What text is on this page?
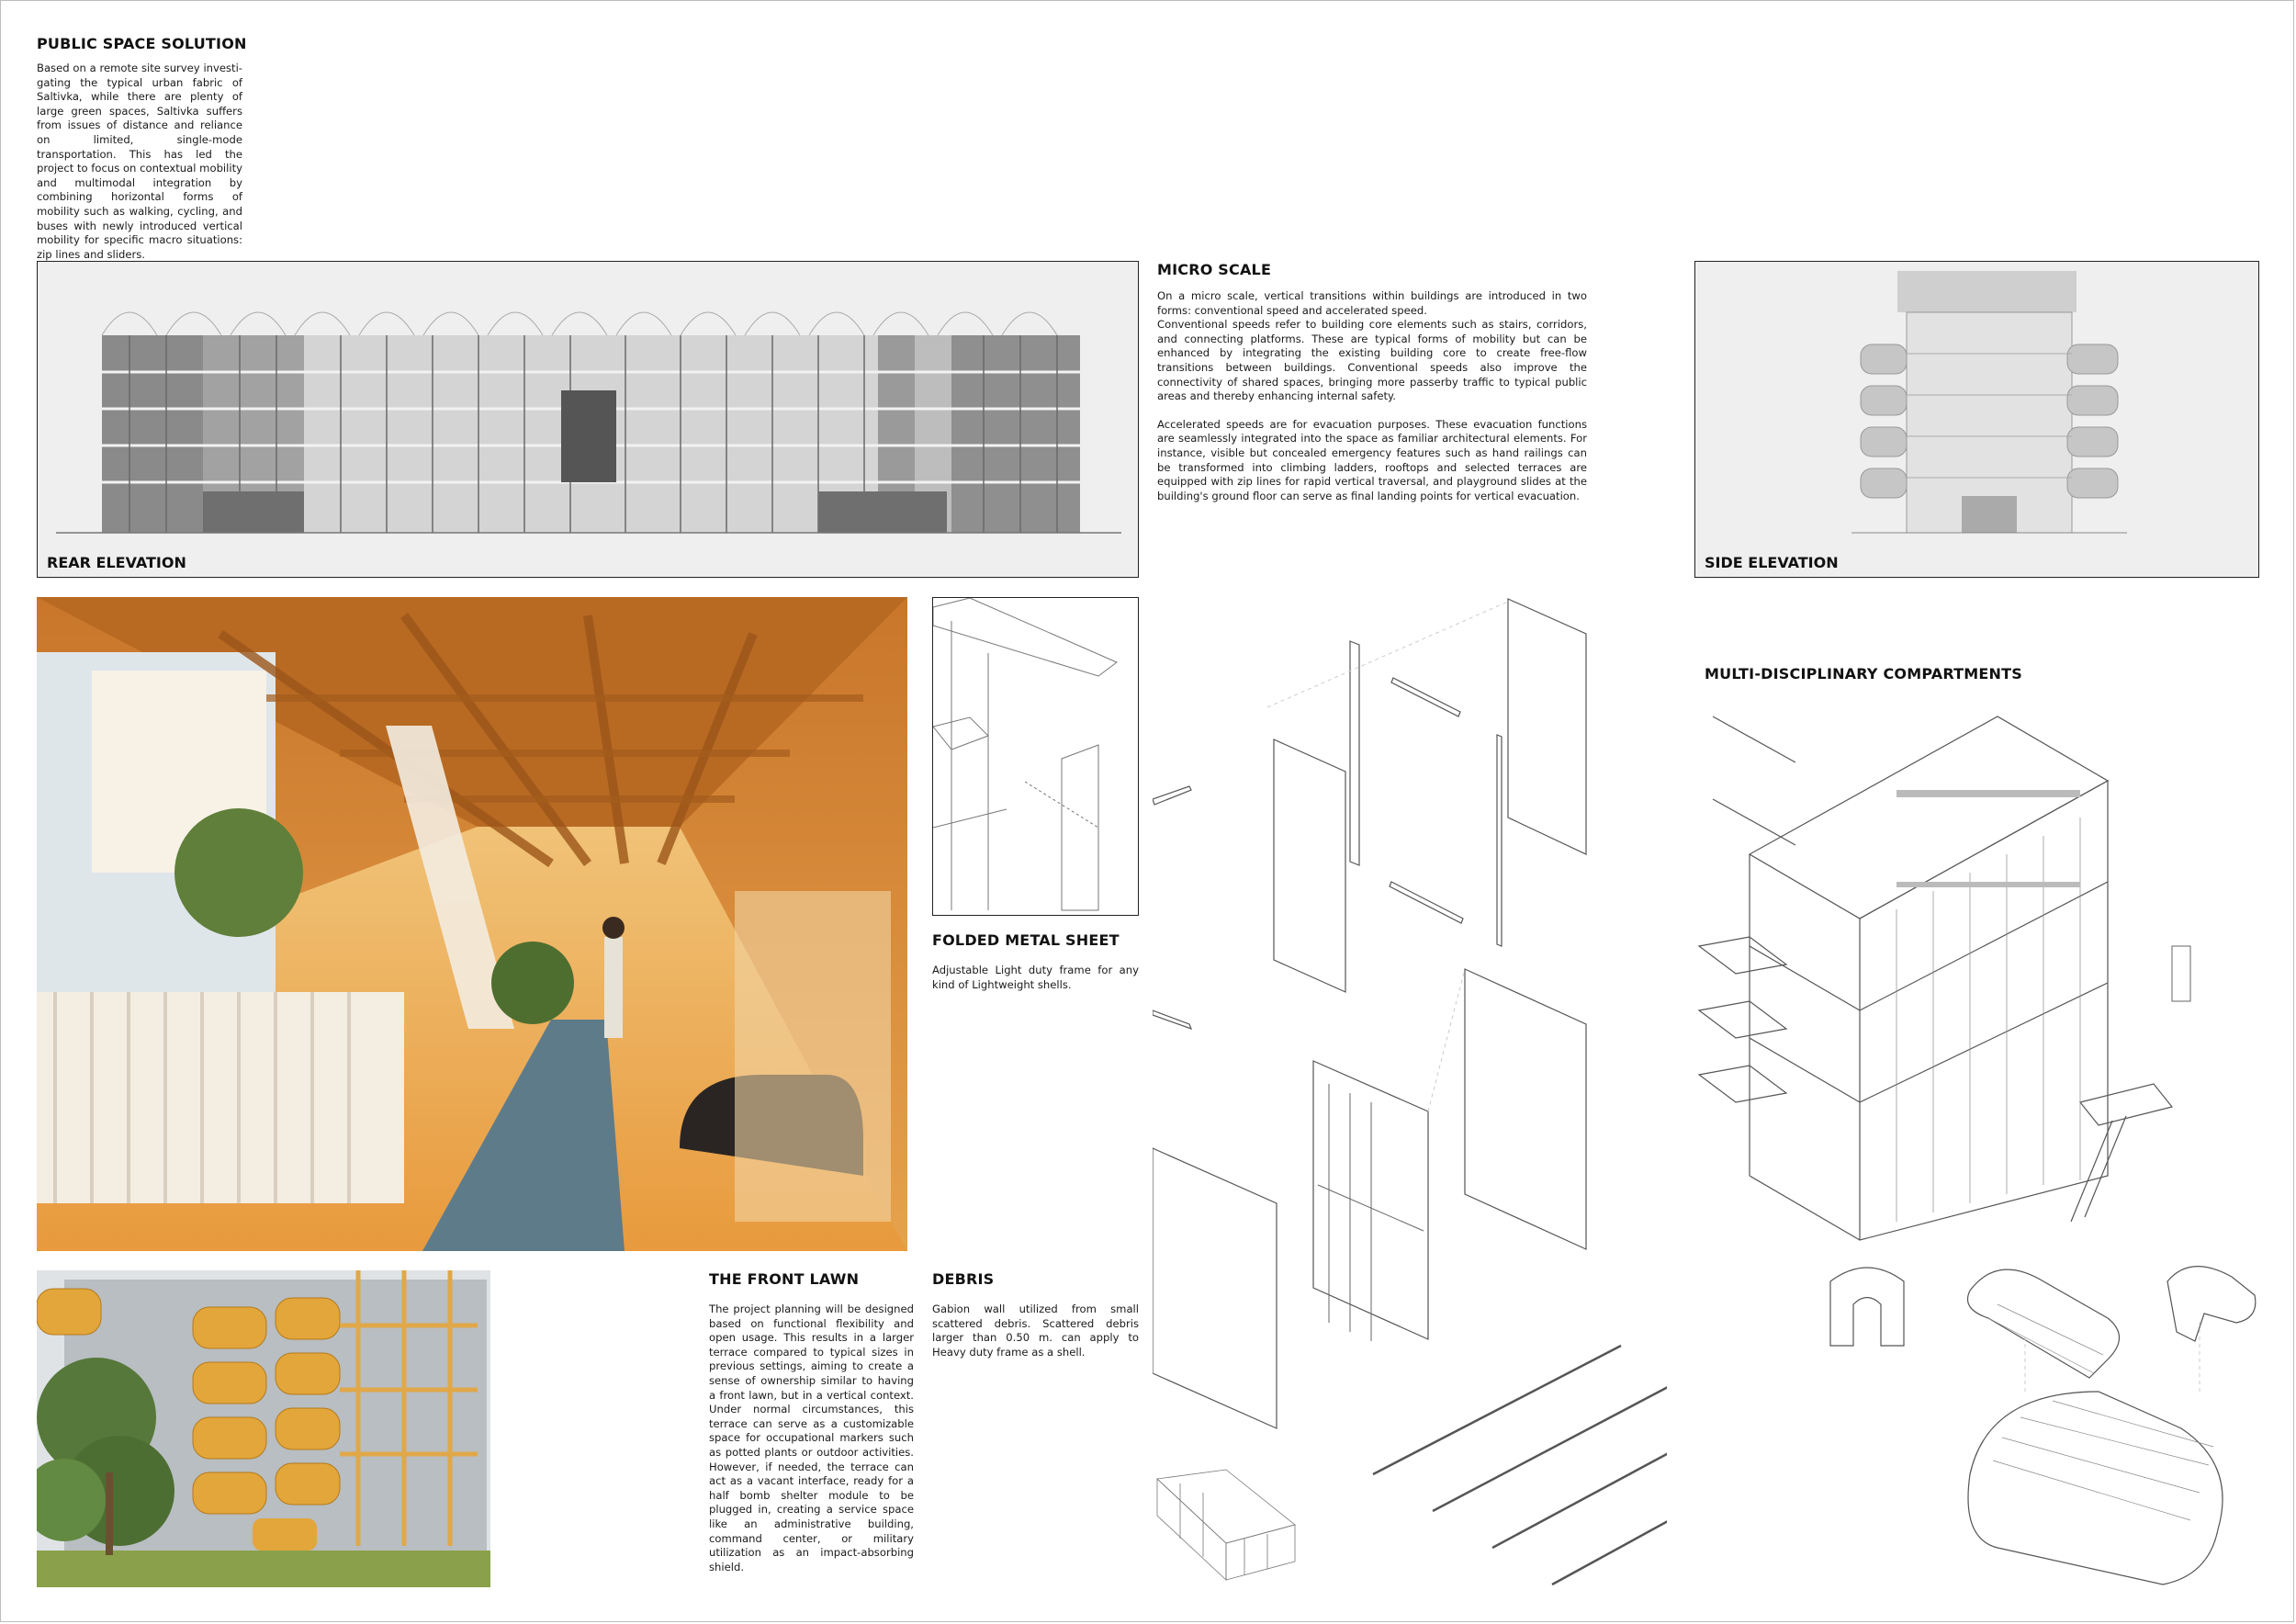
PUBLIC SPACE SOLUTION
Based on a remote site survey investi-gating the typical urban fabric of Saltivka, while there are plenty of large green spaces, Saltivka suffers from issues of distance and reliance on limited, single-mode transportation. This has led the project to focus on contextual mobility and multimodal integration by combining horizontal forms of mobility such as walking, cycling, and buses with newly introduced vertical mobility for specific macro situations: zip lines and sliders.
REAR ELEVATION
MICRO SCALE

On a micro scale, vertical transitions within buildings are introduced in two forms: conventional speed and accelerated speed.

Conventional speeds refer to building core elements such as stairs, corridors, and connecting platforms. These are typical forms of mobility but can be enhanced by integrating the existing building core to create free-flow transitions between buildings. Conventional speeds also improve the connectivity of shared spaces, bringing more passerby traffic to typical public areas and thereby enhancing internal safety.

Accelerated speeds are for evacuation purposes. These evacuation functions are seamlessly integrated into the space as familiar architectural elements. For instance, visible but concealed emergency features such as hand railings can be transformed into climbing ladders, rooftops and selected terraces are equipped with zip lines for rapid vertical traversal, and playground slides at the building's ground floor can serve as final landing points for vertical evacuation.

SIDE ELEVATION
FOLDED METAL SHEET
Adjustable Light duty frame for any kind of Lightweight shells.
MULTI-DISCIPLINARY COMPARTMENTS
THE FRONT LAWN
The project planning will be designed based on functional flexibility and open usage. This results in a larger terrace compared to typical sizes in previous settings, aiming to create a sense of ownership similar to having a front lawn, but in a vertical context. Under normal circumstances, this terrace can serve as a customizable space for occupational markers such as potted plants or outdoor activities. However, if needed, the terrace can act as a vacant interface, ready for a half bomb shelter module to be plugged in, creating a service space like an administrative building, command center, or military utilization as an impact-absorbing shield.
DEBRIS
Gabion wall utilized from small scattered debris. Scattered debris larger than 0.50 m. can apply to Heavy duty frame as a shell.
